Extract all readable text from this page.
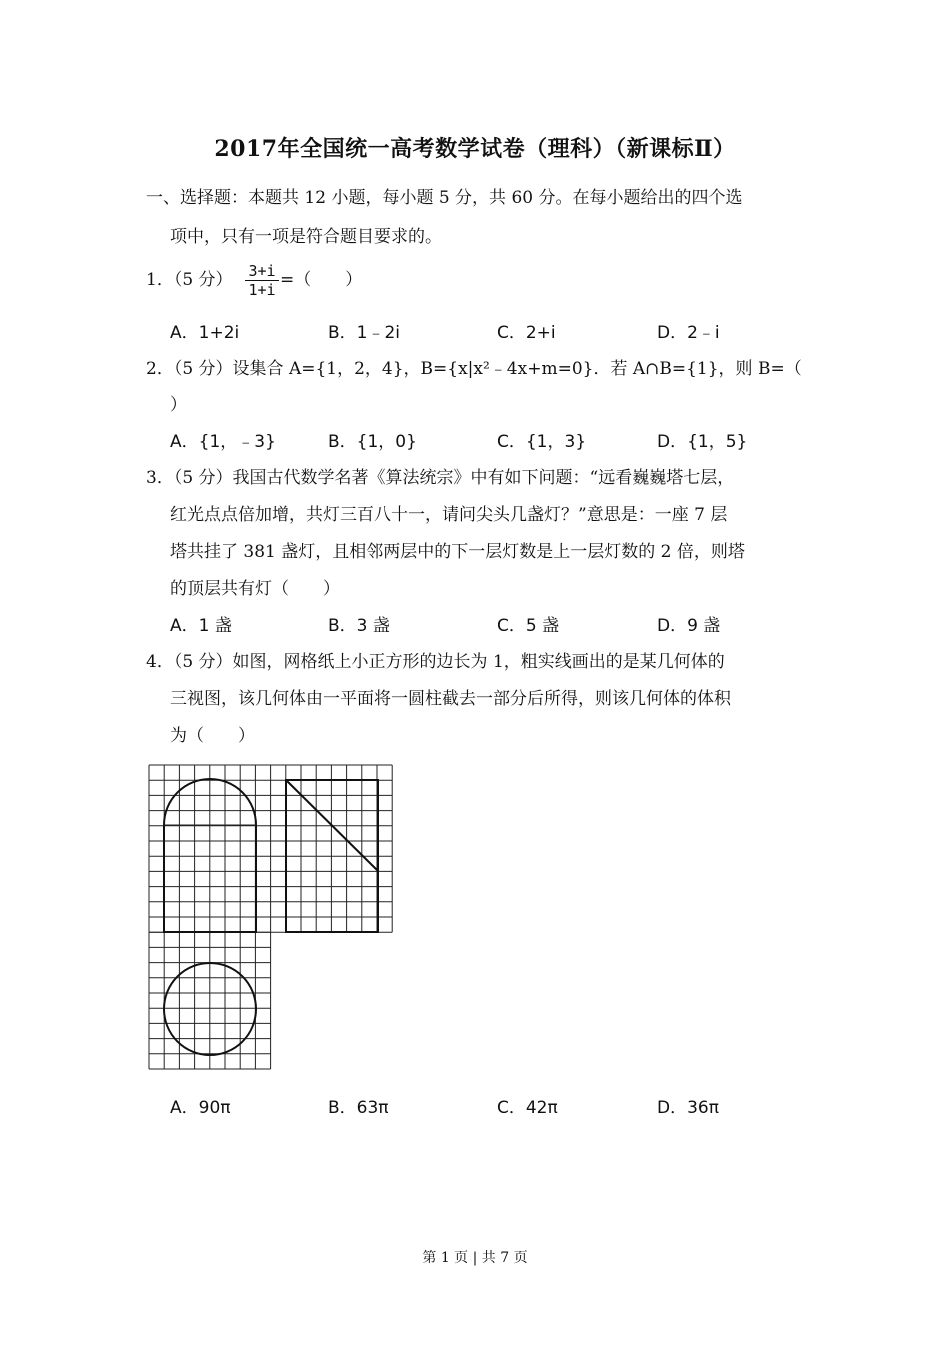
2017年全国统一高考数学试卷（理科）（新课标Ⅱ）
一、选择题：本题共 12 小题，每小题 5 分，共 60 分。在每小题给出的四个选
项中，只有一项是符合题目要求的。
1．（5 分） 3+i
1+i =（　　）
A．1+2i	B．1﹣2i	C．2+i	D．2﹣i
2．（5 分）设集合 A={1，2，4}，B={x|x²﹣4x+m=0}．若 A∩B={1}，则 B=（
）
A．{1，﹣3}	B．{1，0}	C．{1，3}	D．{1，5}
3．（5 分）我国古代数学名著《算法统宗》中有如下问题：“远看巍巍塔七层，
红光点点倍加增，共灯三百八十一，请问尖头几盏灯？”意思是：一座 7 层
塔共挂了 381 盏灯，且相邻两层中的下一层灯数是上一层灯数的 2 倍，则塔
的顶层共有灯（　　）
A．1 盏	B．3 盏	C．5 盏	D．9 盏
4．（5 分）如图，网格纸上小正方形的边长为 1，粗实线画出的是某几何体的
三视图，该几何体由一平面将一圆柱截去一部分后所得，则该几何体的体积
为（　　）
A．90π	B．63π	C．42π	D．36π
第 1 页 | 共 7 页
